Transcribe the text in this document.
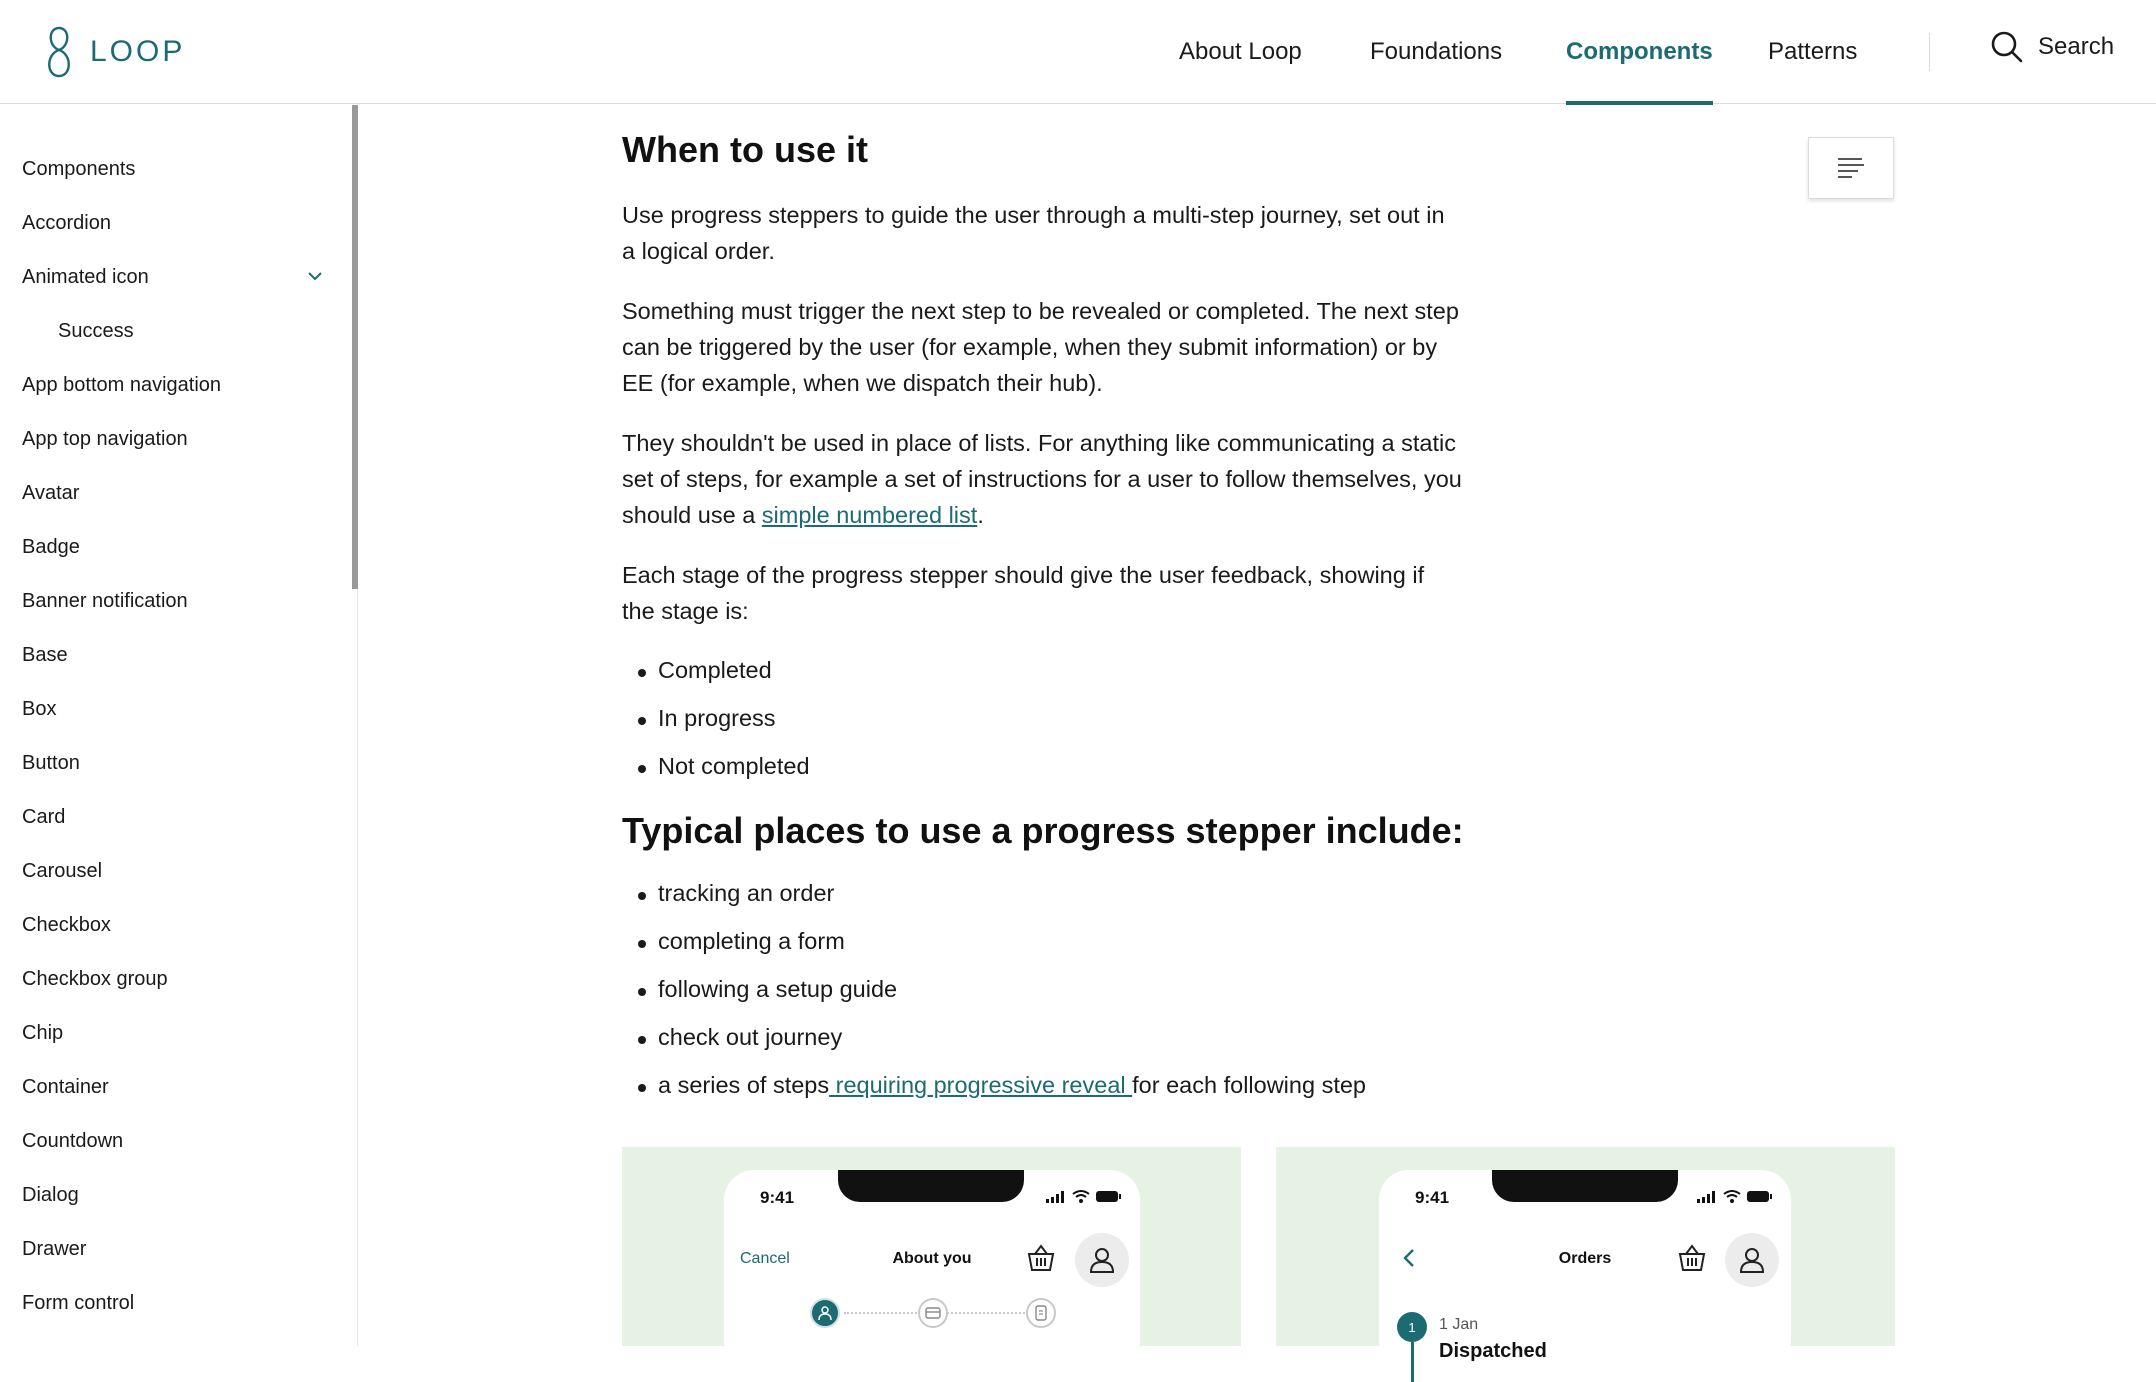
LOOP	About Loop	Foundations	Components Patterns	Search
Components
Accordion
Animated icon
Success
App bottom navigation
App top navigation
Avatar
Badge
Banner notification
Base
Box
Button
Card
Carousel
Checkbox
Checkbox group
Chip
Container
Countdown
Dialog
Drawer
Form control
When to use it

Use progress steppers to guide the user through a multi-step journey, set out in a logical order.

Something must trigger the next step to be revealed or completed. The next step can be triggered by the user (for example, when they submit information) or by EE (for example, when we dispatch their hub).

They shouldn't be used in place of lists. For anything like communicating a static set of steps, for example a set of instructions for a user to follow themselves, you should use a simple numbered list.

Each stage of the progress stepper should give the user feedback, showing if the stage is:

Completed
In progress
Not completed
Typical places to use a progress stepper include:
tracking an order
completing a form
following a setup guide
check out journey
a series of steps requiring progressive reveal for each following step
9:41
Cancel	About you
9:41
Orders
1	1 Jan
Dispatched
